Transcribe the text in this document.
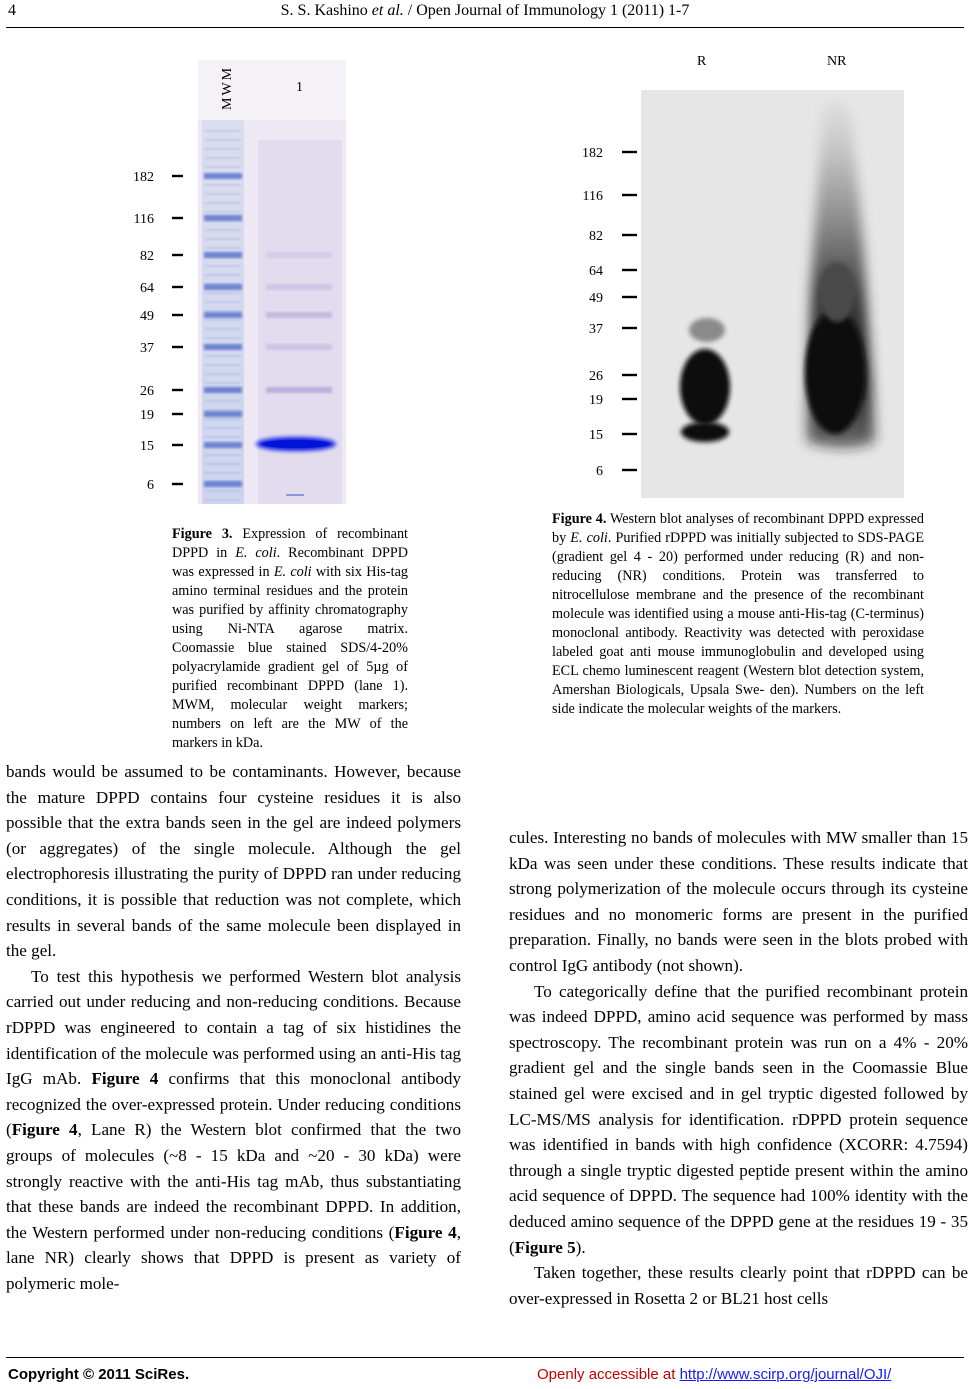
4	S. S. Kashino et al. / Open Journal of Immunology 1 (2011) 1-7
MWM	1
182
116
82
64
49
37
26
19
15
6
R	NR
182
116
82
64
49
37
26
19
15
6
Figure 3. Expression of recombinant DPPD in E. coli. Recombinant DPPD was expressed in E. coli with six His-tag amino terminal residues and the protein was purified by affinity chromatography using Ni-NTA agarose matrix. Coomassie blue stained SDS/4-20% polyacrylamide gradient gel of 5µg of purified recombinant DPPD (lane 1). MWM, molecular weight markers; numbers on left are the MW of the markers in kDa.
Figure 4. Western blot analyses of recombinant DPPD expressed by E. coli. Purified rDPPD was initially subjected to SDS-PAGE (gradient gel 4 - 20) performed under reducing (R) and non-reducing (NR) conditions. Protein was transferred to nitrocellulose membrane and the presence of the recombinant molecule was identified using a mouse anti-His-tag (C-terminus) monoclonal antibody. Reactivity was detected with peroxidase labeled goat anti mouse immunoglobulin and developed using ECL chemo luminescent reagent (Western blot detection system, Amershan Biologicals, Upsala Swe- den). Numbers on the left side indicate the molecular weights of the markers.

bands would be assumed to be contaminants. However, because the mature DPPD contains four cysteine residues it is also possible that the extra bands seen in the gel are indeed polymers (or aggregates) of the single molecule. Although the gel electrophoresis illustrating the purity of DPPD ran under reducing conditions, it is possible that reduction was not complete, which results in several bands of the same molecule been displayed in the gel.

To test this hypothesis we performed Western blot analysis carried out under reducing and non-reducing conditions. Because rDPPD was engineered to contain a tag of six histidines the identification of the molecule was performed using an anti-His tag IgG mAb. Figure 4 confirms that this monoclonal antibody recognized the over-expressed protein. Under reducing conditions (Figure 4, Lane R) the Western blot confirmed that the two groups of molecules (~8 - 15 kDa and ~20 - 30 kDa) were strongly reactive with the anti-His tag mAb, thus substantiating that these bands are indeed the recombinant DPPD. In addition, the Western performed under non-reducing conditions (Figure 4, lane NR) clearly shows that DPPD is present as variety of polymeric mole-

cules. Interesting no bands of molecules with MW smaller than 15 kDa was seen under these conditions. These results indicate that strong polymerization of the molecule occurs through its cysteine residues and no monomeric forms are present in the purified preparation. Finally, no bands were seen in the blots probed with control IgG antibody (not shown).

To categorically define that the purified recombinant protein was indeed DPPD, amino acid sequence was performed by mass spectroscopy. The recombinant protein was run on a 4% - 20% gradient gel and the single bands seen in the Coomassie Blue stained gel were excised and in gel tryptic digested followed by LC-MS/MS analysis for identification. rDPPD protein sequence was identified in bands with high confidence (XCORR: 4.7594) through a single tryptic digested peptide present within the amino acid sequence of DPPD. The sequence had 100% identity with the deduced amino sequence of the DPPD gene at the residues 19 - 35 (Figure 5).

Taken together, these results clearly point that rDPPD can be over-expressed in Rosetta 2 or BL21 host cells

Copyright © 2011 SciRes.	Openly accessible at http://www.scirp.org/journal/OJI/
